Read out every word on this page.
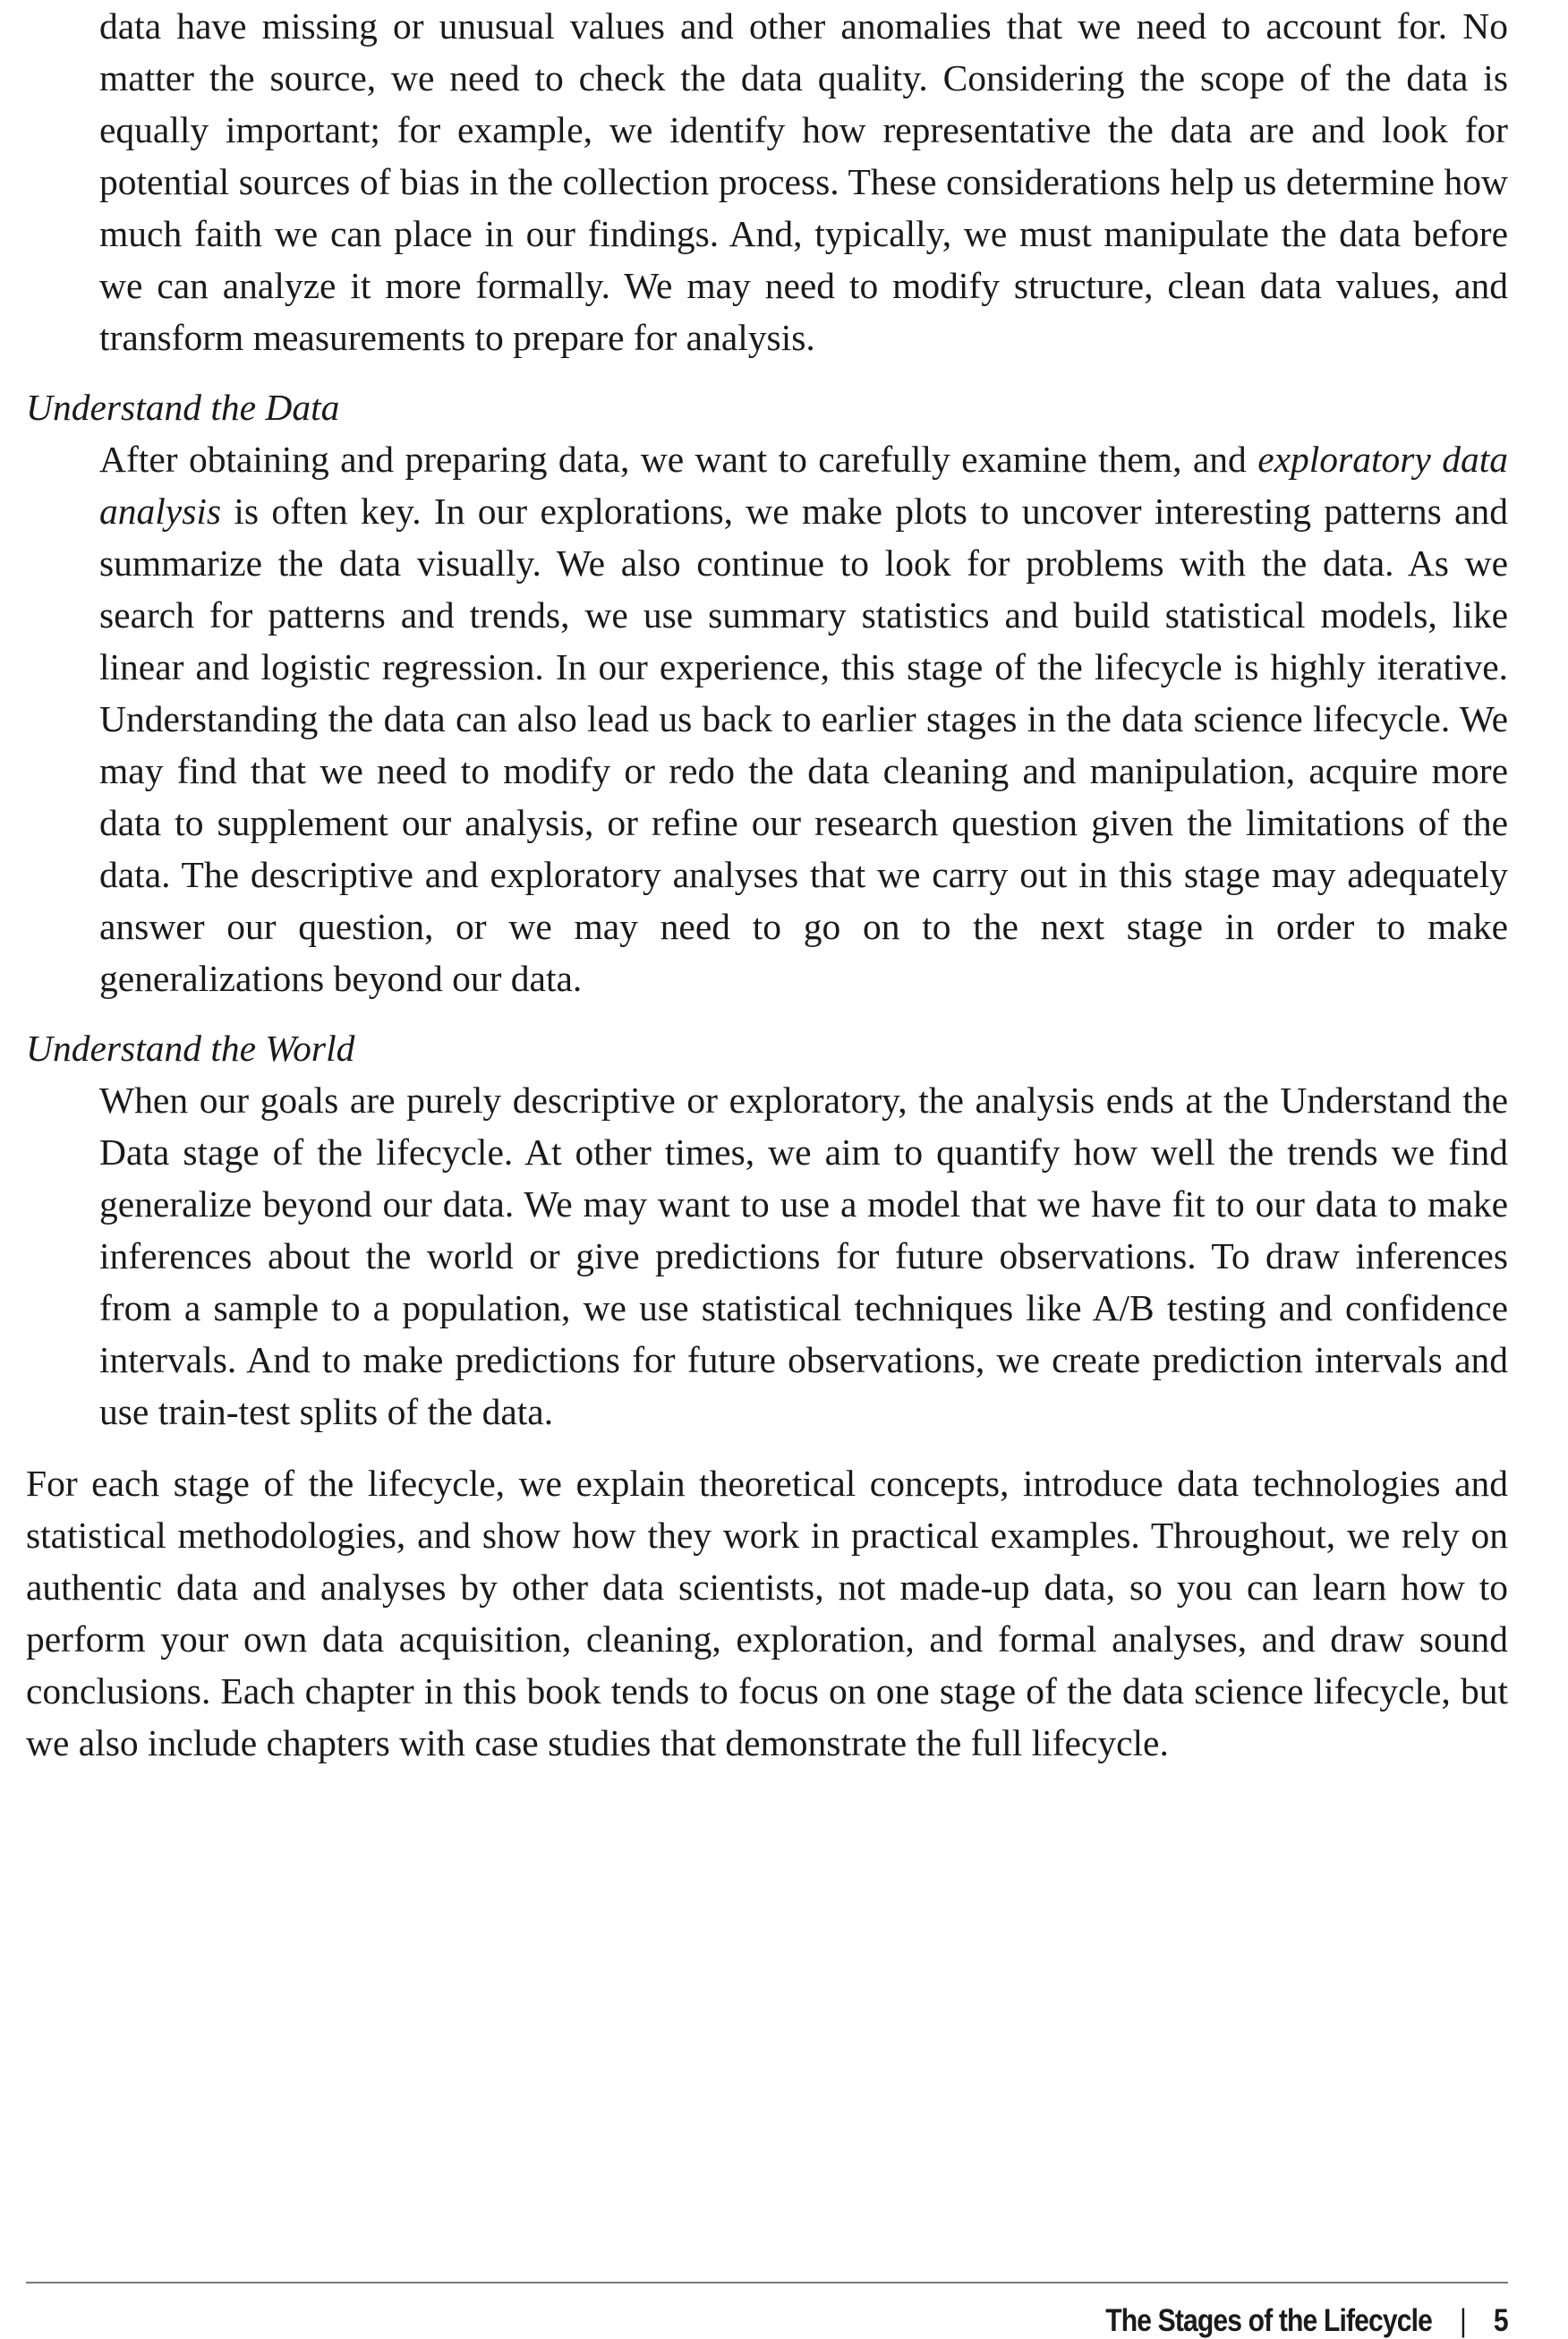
data have missing or unusual values and other anomalies that we need to account for. No matter the source, we need to check the data quality. Considering the scope of the data is equally important; for example, we identify how representative the data are and look for potential sources of bias in the collection process. These considerations help us determine how much faith we can place in our findings. And, typically, we must manipulate the data before we can analyze it more formally. We may need to modify structure, clean data values, and transform measurements to prepare for analysis.

Understand the Data

After obtaining and preparing data, we want to carefully examine them, and exploratory data analysis is often key. In our explorations, we make plots to uncover interesting patterns and summarize the data visually. We also continue to look for problems with the data. As we search for patterns and trends, we use summary statistics and build statistical models, like linear and logistic regression. In our experience, this stage of the lifecycle is highly iterative. Understanding the data can also lead us back to earlier stages in the data science lifecycle. We may find that we need to modify or redo the data cleaning and manipulation, acquire more data to supplement our analysis, or refine our research question given the limitations of the data. The descriptive and exploratory analyses that we carry out in this stage may adequately answer our question, or we may need to go on to the next stage in order to make generalizations beyond our data.

Understand the World

When our goals are purely descriptive or exploratory, the analysis ends at the Understand the Data stage of the lifecycle. At other times, we aim to quantify how well the trends we find generalize beyond our data. We may want to use a model that we have fit to our data to make inferences about the world or give predictions for future observations. To draw inferences from a sample to a population, we use statistical techniques like A/B testing and confidence intervals. And to make predictions for future observations, we create prediction intervals and use train-test splits of the data.

For each stage of the lifecycle, we explain theoretical concepts, introduce data technologies and statistical methodologies, and show how they work in practical examples. Throughout, we rely on authentic data and analyses by other data scientists, not made-up data, so you can learn how to perform your own data acquisition, cleaning, exploration, and formal analyses, and draw sound conclusions. Each chapter in this book tends to focus on one stage of the data science lifecycle, but we also include chapters with case studies that demonstrate the full lifecycle.

The Stages of the Lifecycle | 5
